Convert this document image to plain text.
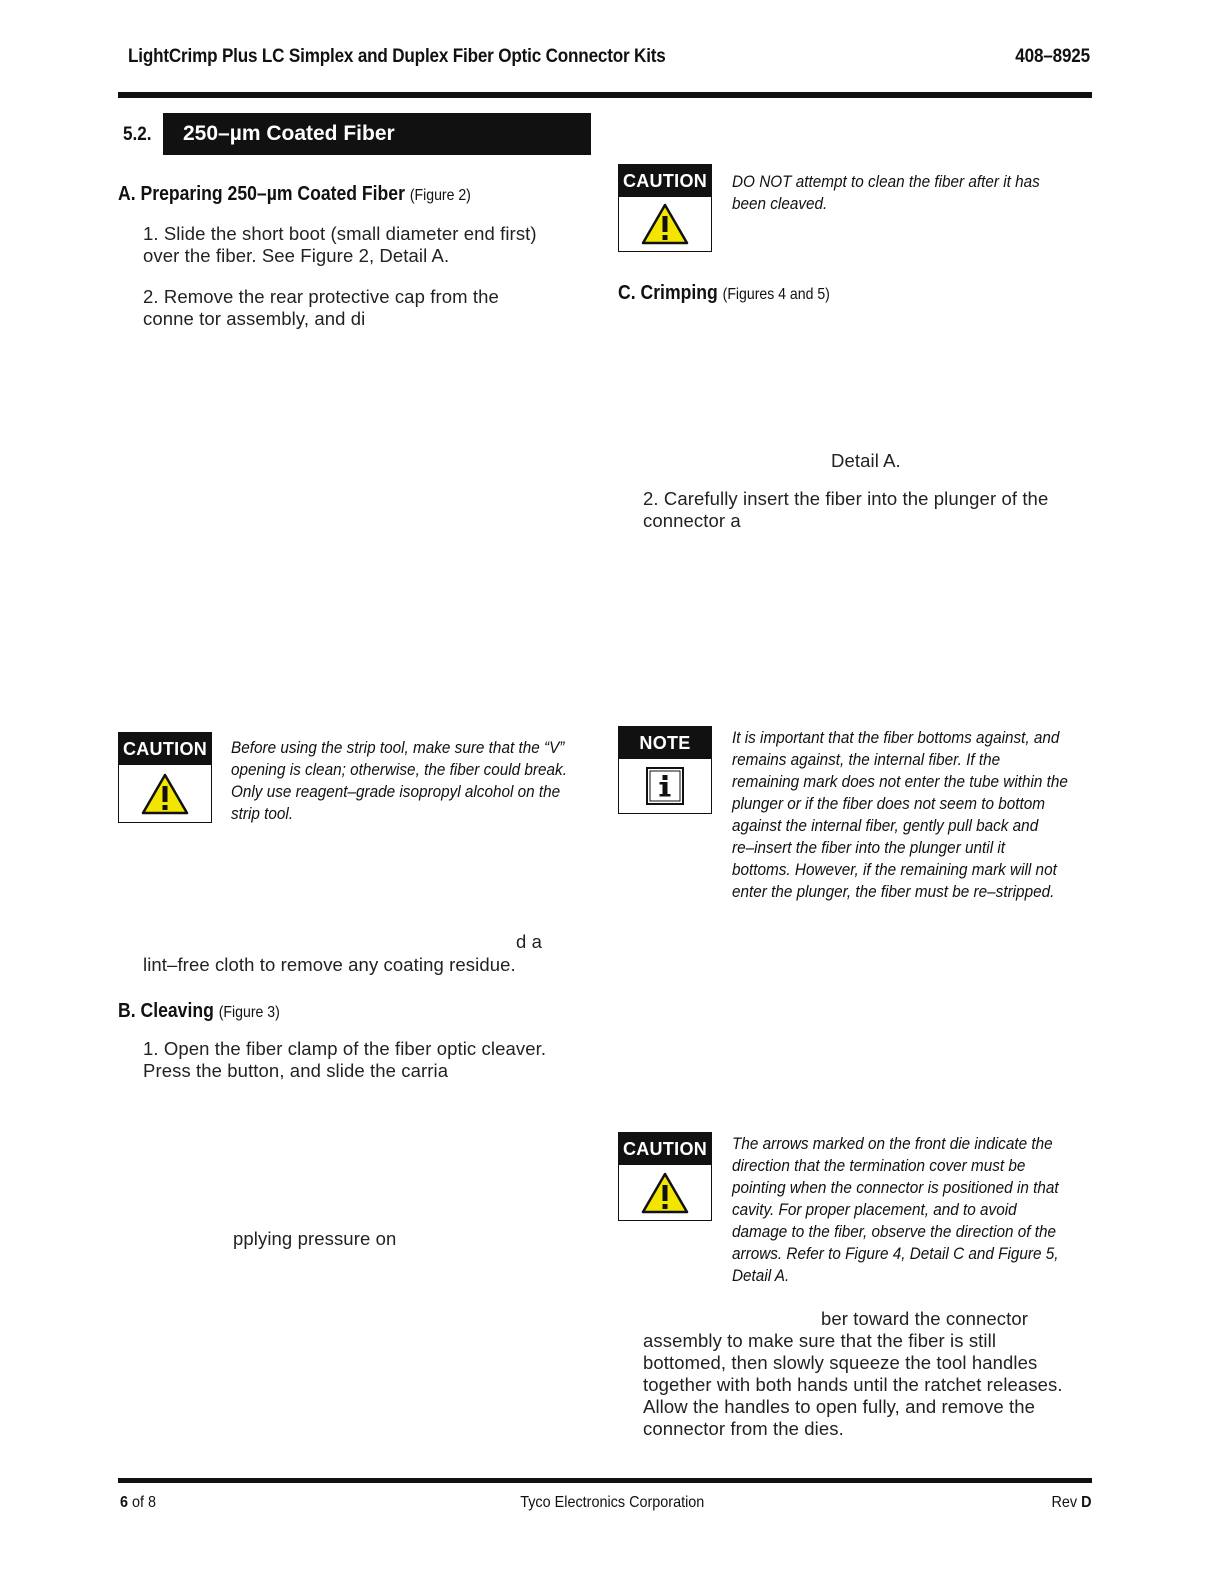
LightCrimp Plus LC Simplex and Duplex Fiber Optic Connector Kits	408–8925
5.2.	250–µm Coated Fiber
A. Preparing 250–µm Coated Fiber (Figure 2)
1. Slide the short boot (small diameter end first)
over the fiber. See Figure 2, Detail A.
2. Remove the rear protective cap from the
conne tor assembly, and di
CAUTION Before using the strip tool, make sure that the “V”
opening is clean; otherwise, the fiber could break.
Only use reagent–grade isopropyl alcohol on the
strip tool.
d a
lint–free cloth to remove any coating residue.
B. Cleaving (Figure 3)
1. Open the fiber clamp of the fiber optic cleaver.
Press the button, and slide the carria
pplying pressure on
CAUTION DO NOT attempt to clean the fiber after it has
been cleaved.
C. Crimping (Figures 4 and 5)
Detail A.
2. Carefully insert the fiber into the plunger of the
connector a
NOTE	It is important that the fiber bottoms against, and
remains against, the internal fiber. If the
remaining mark does not enter the tube within the
plunger or if the fiber does not seem to bottom
against the internal fiber, gently pull back and
re–insert the fiber into the plunger until it
bottoms. However, if the remaining mark will not
enter the plunger, the fiber must be re–stripped.
CAUTION The arrows marked on the front die indicate the
direction that the termination cover must be
pointing when the connector is positioned in that
cavity. For proper placement, and to avoid
damage to the fiber, observe the direction of the
arrows. Refer to Figure 4, Detail C and Figure 5,
Detail A.
ber toward the connector
assembly to make sure that the fiber is still
bottomed, then slowly squeeze the tool handles
together with both hands until the ratchet releases.
Allow the handles to open fully, and remove the
connector from the dies.
6 of 8	Tyco Electronics Corporation	Rev D
